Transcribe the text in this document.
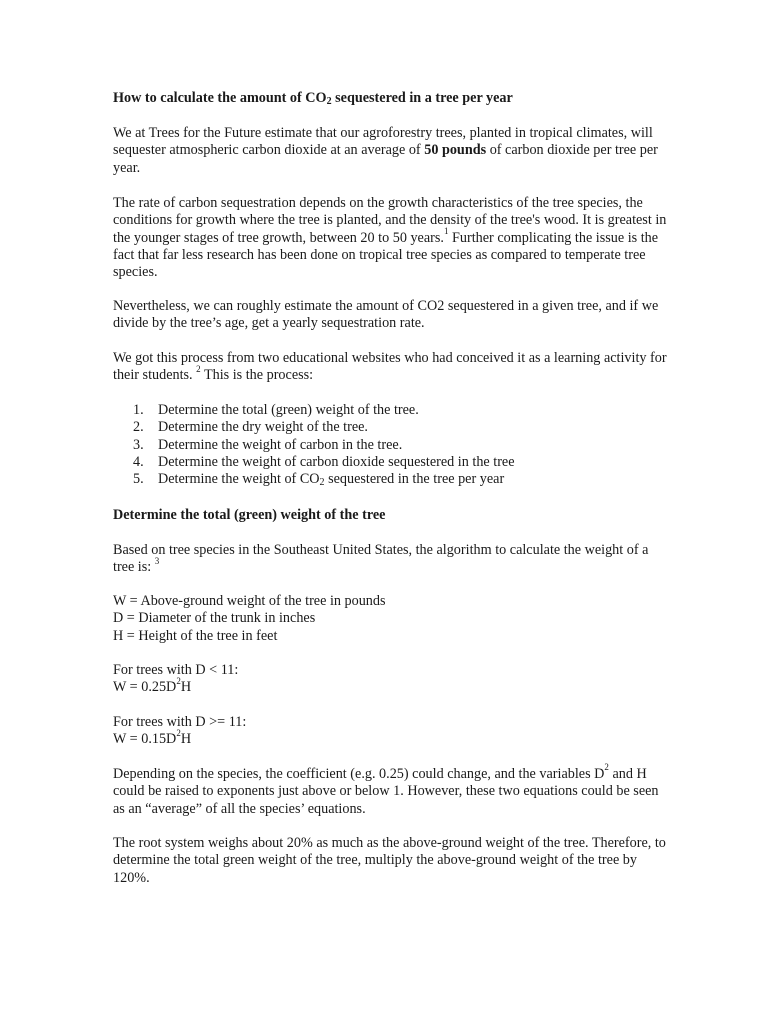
How to calculate the amount of $CO_2$ sequestered in a tree per year

We at Trees for the Future estimate that our agroforestry trees, planted in tropical climates, will sequester atmospheric carbon dioxide at an average of 50 pounds of carbon dioxide per tree per year.

The rate of carbon sequestration depends on the growth characteristics of the tree species, the conditions for growth where the tree is planted, and the density of the tree's wood. It is greatest in the younger stages of tree growth, between 20 to 50 years.$^1$ Further complicating the issue is the fact that far less research has been done on tropical tree species as compared to temperate tree species.

Nevertheless, we can roughly estimate the amount of CO2 sequestered in a given tree, and if we divide by the tree’s age, get a yearly sequestration rate.

We got this process from two educational websites who had conceived it as a learning activity for their students. $^2$ This is the process:

1. Determine the total (green) weight of the tree.
2. Determine the dry weight of the tree.
3. Determine the weight of carbon in the tree.
4. Determine the weight of carbon dioxide sequestered in the tree
5. Determine the weight of $CO_2$ sequestered in the tree per year

Determine the total (green) weight of the tree

Based on tree species in the Southeast United States, the algorithm to calculate the weight of a tree is: $^3$

W = Above-ground weight of the tree in pounds
D = Diameter of the trunk in inches
H = Height of the tree in feet

For trees with D < 11:
$W = 0.25D^2H$

For trees with D >= 11:
$W = 0.15D^2H$

Depending on the species, the coefficient (e.g. 0.25) could change, and the variables $D^2$ and H could be raised to exponents just above or below 1. However, these two equations could be seen as an “average” of all the species’ equations.

The root system weighs about 20% as much as the above-ground weight of the tree. Therefore, to determine the total green weight of the tree, multiply the above-ground weight of the tree by 120%.
